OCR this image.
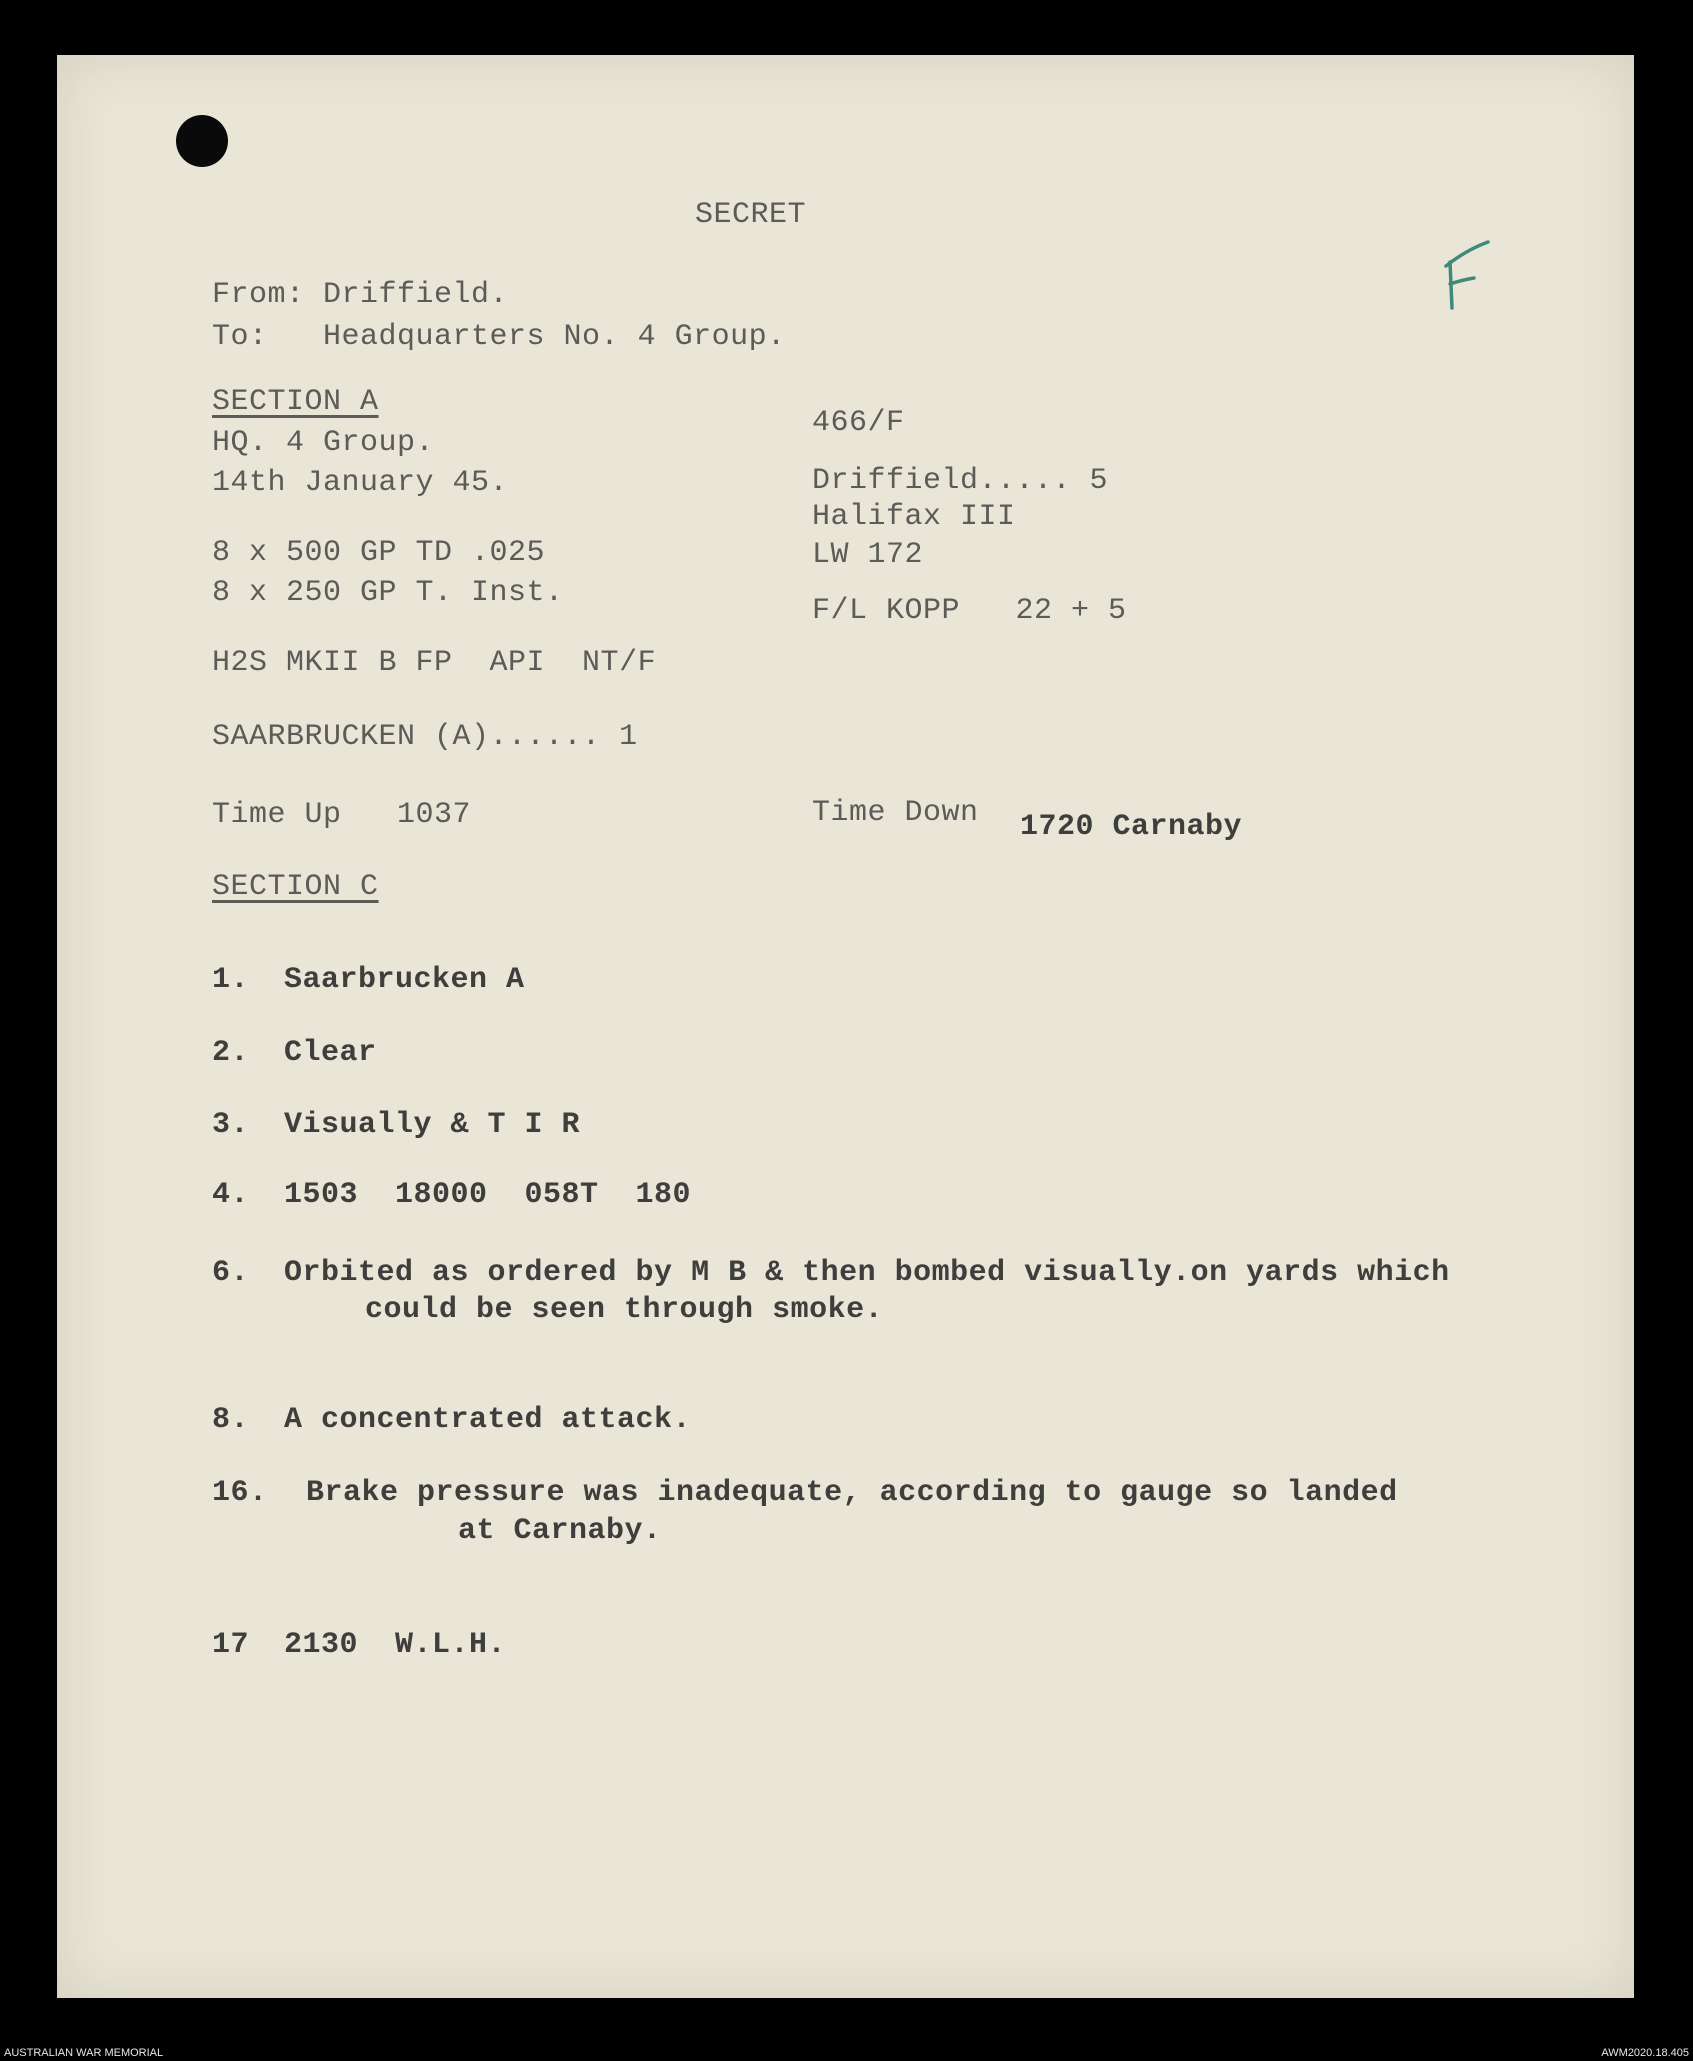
SECRET
From: Driffield.
To:   Headquarters No. 4 Group.
SECTION A
HQ. 4 Group.
14th January 45.
8 x 500 GP TD .025
8 x 250 GP T. Inst.
H2S MKII B FP  API  NT/F
SAARBRUCKEN (A)...... 1
Time Up   1037
466/F
Driffield..... 5
Halifax III
LW 172
F/L KOPP   22 + 5
Time Down 1720 Carnaby
SECTION C
1. Saarbrucken A
2. Clear
3. Visually & T I R
4. 1503  18000  058T  180
6. Orbited as ordered by M B & then bombed visually.on yards which
could be seen through smoke.
8. A concentrated attack.
16. Brake pressure was inadequate, according to gauge so landed
at Carnaby.
17 2130  W.L.H.
AUSTRALIAN WAR MEMORIAL	AWM2020.18.405
